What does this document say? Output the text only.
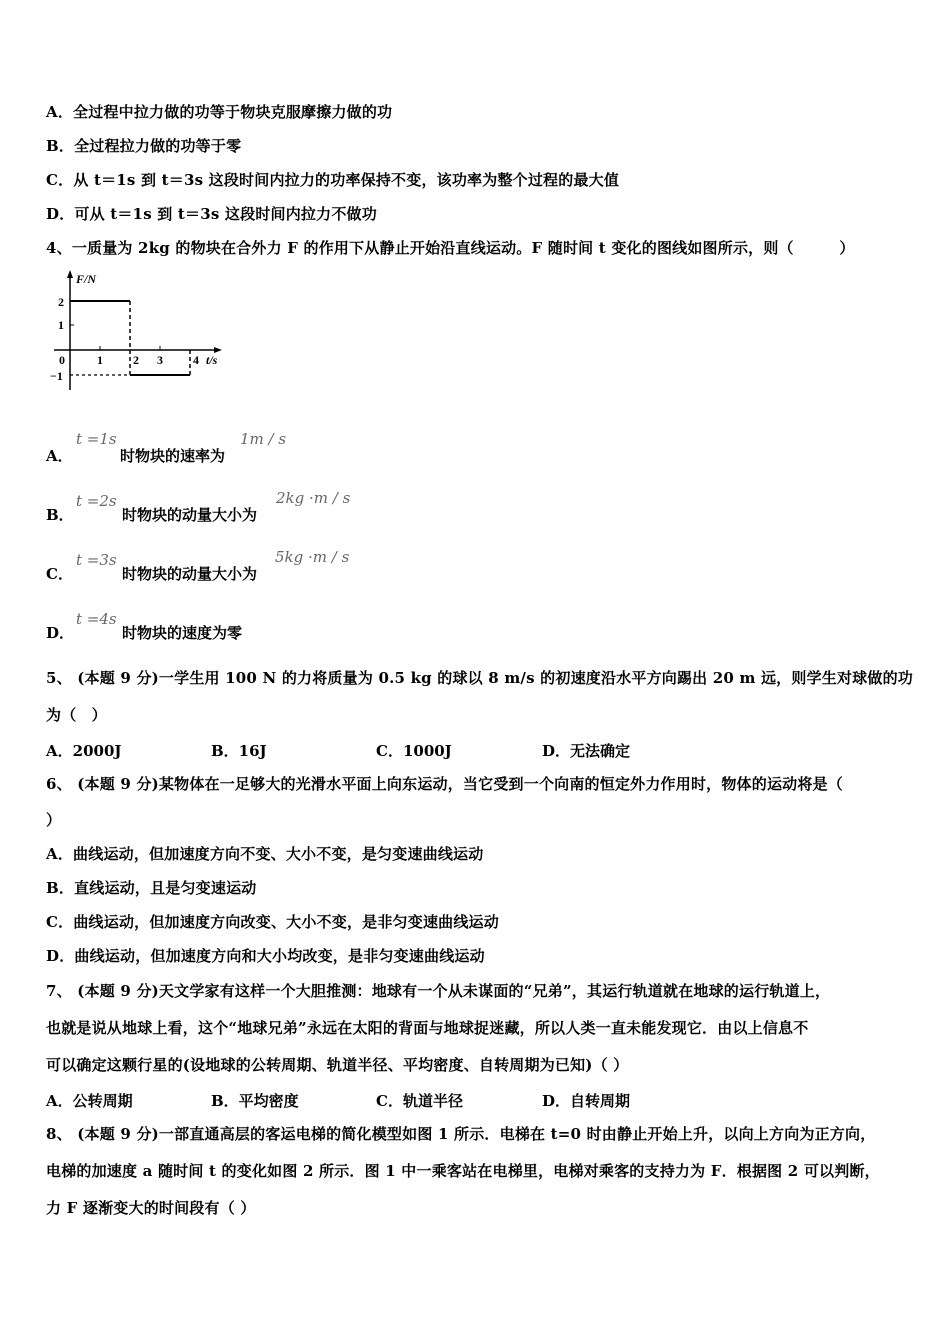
A．全过程中拉力做的功等于物块克服摩擦力做的功
B．全过程拉力做的功等于零
C．从 t＝1s 到 t＝3s 这段时间内拉力的功率保持不变，该功率为整个过程的最大值
D．可从 t＝1s 到 t＝3s 这段时间内拉力不做功
4、一质量为 2kg 的物块在合外力 F 的作用下从静止开始沿直线运动。F 随时间 t 变化的图线如图所示，则（　　　）
F/N
2
1
0
−1
1	2 3	4 t/s
A．
t =1s
时物块的速率为
1m / s
B．
t =2s
时物块的动量大小为
2kg ·m / s
C．
t =3s
时物块的动量大小为
5kg ·m / s
D．
t =4s
时物块的速度为零
5、 (本题 9 分)一学生用 100 N 的力将质量为 0.5 kg 的球以 8 m/s 的初速度沿水平方向踢出 20 m 远，则学生对球做的功
为（　）
A．2000J	B．16J	C．1000J	D．无法确定
6、 (本题 9 分)某物体在一足够大的光滑水平面上向东运动，当它受到一个向南的恒定外力作用时，物体的运动将是（
）
A．曲线运动，但加速度方向不变、大小不变，是匀变速曲线运动
B．直线运动，且是匀变速运动
C．曲线运动，但加速度方向改变、大小不变，是非匀变速曲线运动
D．曲线运动，但加速度方向和大小均改变，是非匀变速曲线运动
7、 (本题 9 分)天文学家有这样一个大胆推测：地球有一个从未谋面的“兄弟”，其运行轨道就在地球的运行轨道上，
也就是说从地球上看，这个“地球兄弟”永远在太阳的背面与地球捉迷藏，所以人类一直未能发现它．由以上信息不
可以确定这颗行星的(设地球的公转周期、轨道半径、平均密度、自转周期为已知)（ ）
A．公转周期	B．平均密度	C．轨道半径	D．自转周期
8、 (本题 9 分)一部直通高层的客运电梯的简化模型如图 1 所示．电梯在 t=0 时由静止开始上升，以向上方向为正方向，
电梯的加速度 a 随时间 t 的变化如图 2 所示．图 1 中一乘客站在电梯里，电梯对乘客的支持力为 F．根据图 2 可以判断，
力 F 逐渐变大的时间段有（ ）
